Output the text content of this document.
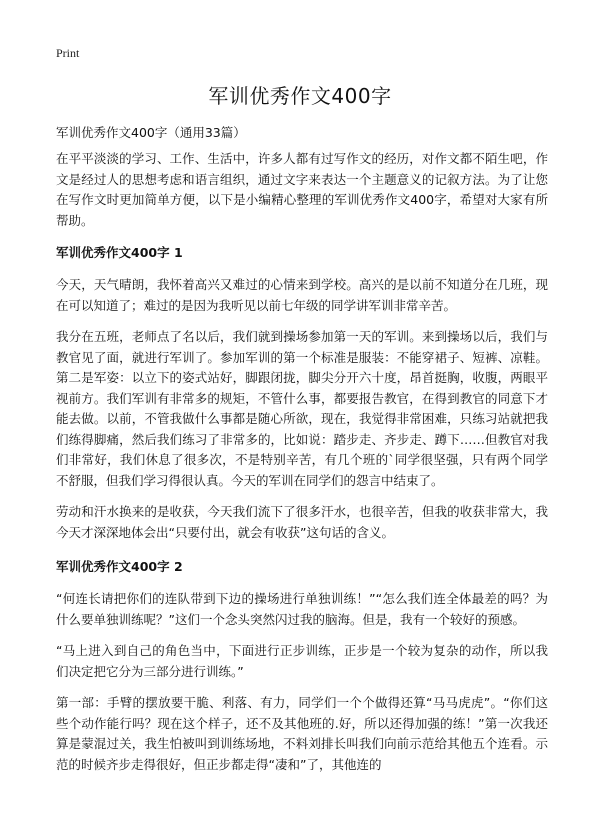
Print
军训优秀作文400字

军训优秀作文400字（通用33篇）

在平平淡淡的学习、工作、生活中，许多人都有过写作文的经历，对作文都不陌生吧，作文是经过人的思想考虑和语言组织，通过文字来表达一个主题意义的记叙方法。为了让您在写作文时更加简单方便，以下是小编精心整理的军训优秀作文400字，希望对大家有所帮助。

军训优秀作文400字 1

今天，天气晴朗，我怀着高兴又难过的心情来到学校。高兴的是以前不知道分在几班，现在可以知道了；难过的是因为我听见以前七年级的同学讲军训非常辛苦。

我分在五班，老师点了名以后，我们就到操场参加第一天的军训。来到操场以后，我们与教官见了面，就进行军训了。参加军训的第一个标准是服装：不能穿裙子、短裤、凉鞋。第二是军姿：以立下的姿式站好，脚跟闭拢，脚尖分开六十度，昂首挺胸，收腹，两眼平视前方。我们军训有非常多的规矩，不管什么事，都要报告教官，在得到教官的同意下才能去做。以前，不管我做什么事都是随心所欲，现在，我觉得非常困难，只练习站就把我们练得脚痛，然后我们练习了非常多的，比如说：踏步走、齐步走、蹲下……但教官对我们非常好，我们休息了很多次，不是特别辛苦，有几个班的`同学很坚强，只有两个同学不舒服，但我们学习得很认真。今天的军训在同学们的怨言中结束了。

劳动和汗水换来的是收获，今天我们流下了很多汗水，也很辛苦，但我的收获非常大，我今天才深深地体会出“只要付出，就会有收获”这句话的含义。

军训优秀作文400字 2

“何连长请把你们的连队带到下边的操场进行单独训练！”“怎么我们连全体最差的吗？为什么要单独训练呢？”这们一个念头突然闪过我的脑海。但是，我有一个较好的预感。

“马上进入到自己的角色当中，下面进行正步训练，正步是一个较为复杂的动作，所以我们决定把它分为三部分进行训练。”

第一部：手臂的摆放要干脆、利落、有力，同学们一个个做得还算“马马虎虎”。“你们这些个动作能行吗？现在这个样子，还不及其他班的.好，所以还得加强的练！”第一次我还算是蒙混过关，我生怕被叫到训练场地，不料刘排长叫我们向前示范给其他五个连看。示范的时候齐步走得很好，但正步都走得“凄和”了，其他连的
